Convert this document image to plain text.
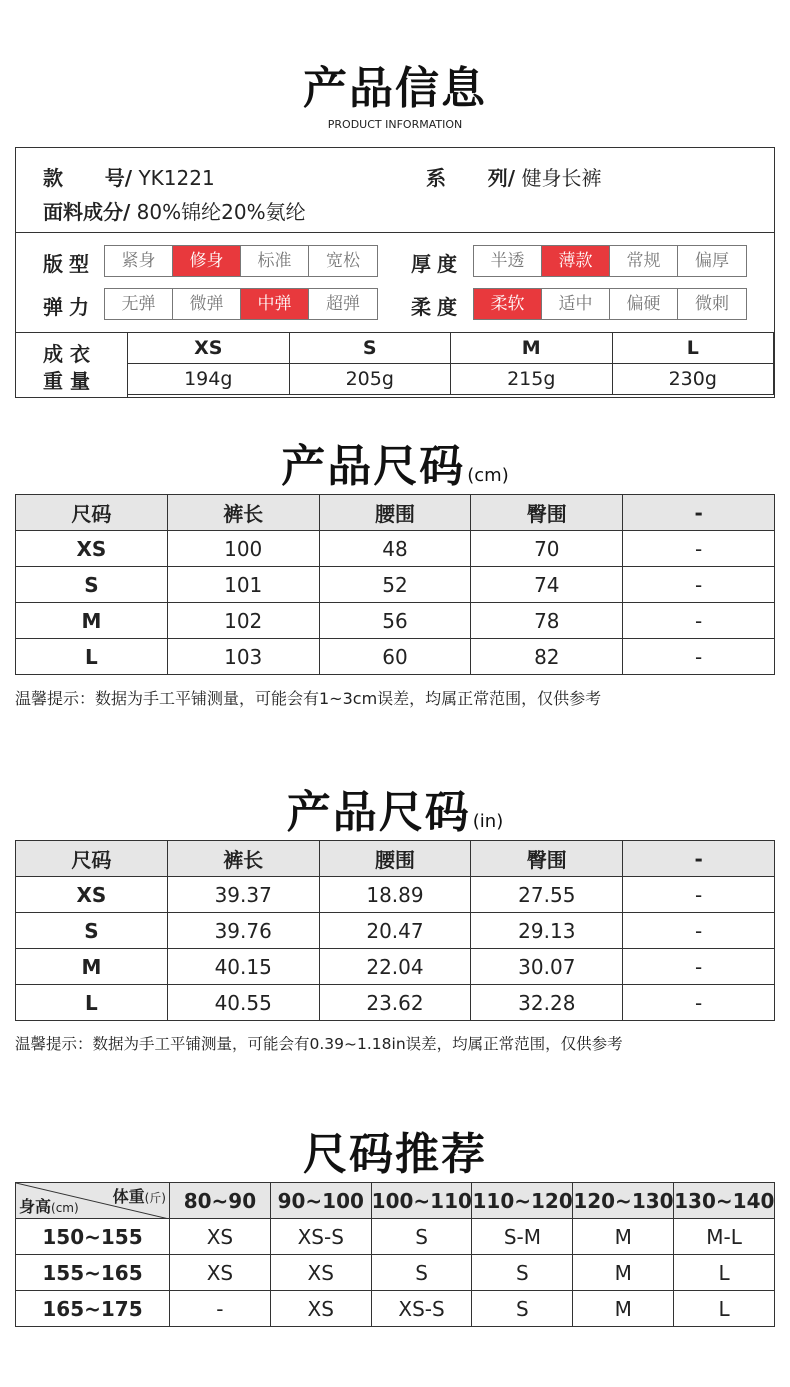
产品信息
PRODUCT INFORMATION
款      号/ YK1221	系      列/ 健身长裤
面料成分/ 80%锦纶20%氨纶
版型	紧身	修身	标准	宽松	厚度	半透	薄款	常规	偏厚
弹力	无弹	微弹	中弹	超弹	柔度	柔软	适中	偏硬	微刺
成 衣
重 量
XS	S	M	L
194g	205g	215g	230g
产品尺码 (cm)
尺码	裤长	腰围	臀围	-
XS	100	48	70	-
S	101	52	74	-
M	102	56	78	-
L	103	60	82	-
温馨提示：数据为手工平铺测量，可能会有1~3cm误差，均属正常范围，仅供参考
产品尺码 (in)
尺码	裤长	腰围	臀围	-
XS	39.37	18.89	27.55	-
S	39.76	20.47	29.13	-
M	40.15	22.04	30.07	-
L	40.55	23.62	32.28	-
温馨提示：数据为手工平铺测量，可能会有0.39~1.18in误差，均属正常范围，仅供参考
尺码推荐
体重(斤)
身高(cm)	80~90	90~100	100~110	110~120	120~130	130~140
150~155	XS	XS-S	S	S-M	M	M-L
155~165	XS	XS	S	S	M	L
165~175	-	XS	XS-S	S	M	L
